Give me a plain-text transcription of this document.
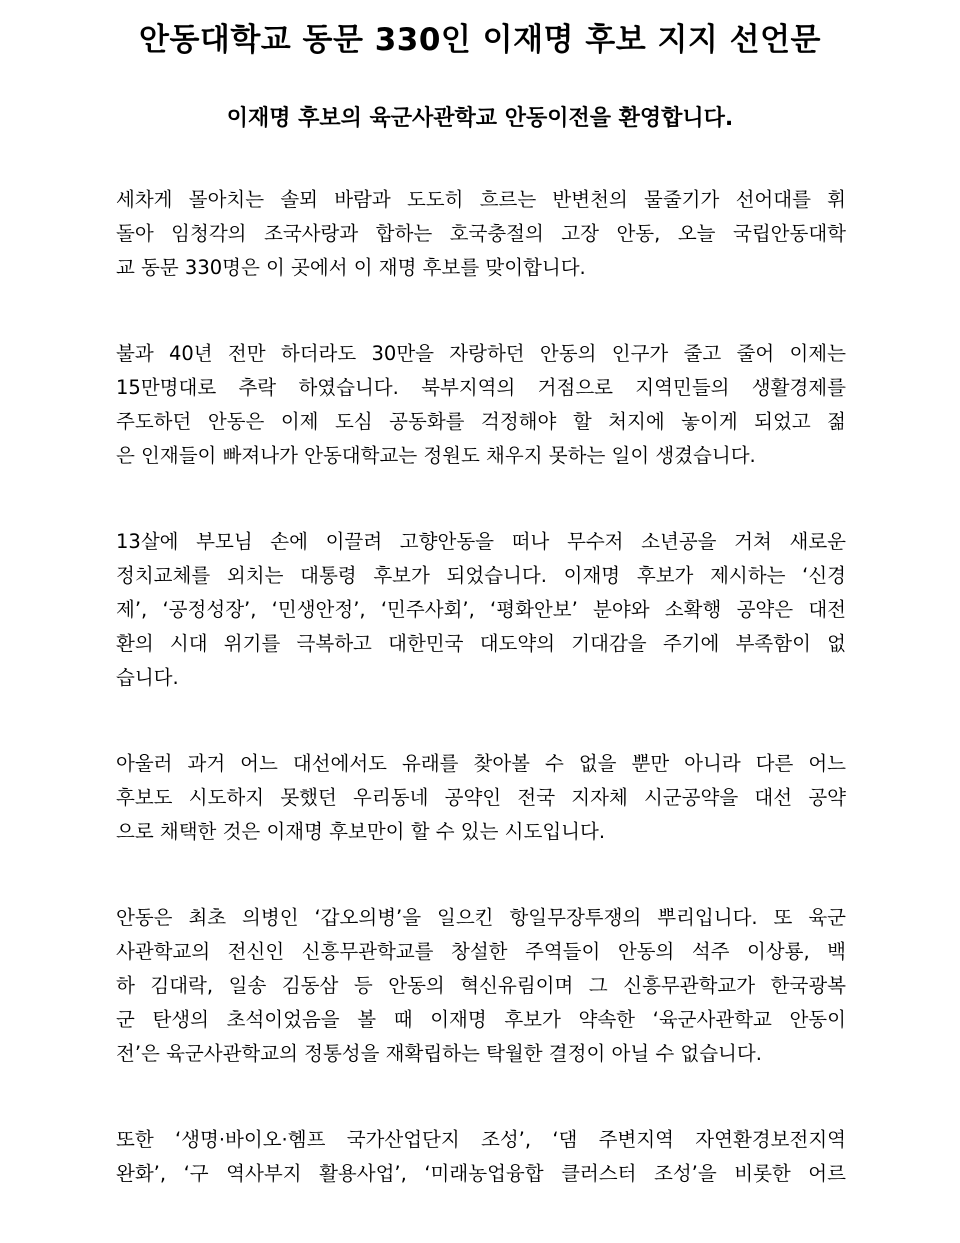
안동대학교 동문 330인 이재명 후보 지지 선언문
이재명 후보의 육군사관학교 안동이전을 환영합니다.
세차게 몰아치는 솔뫼 바람과 도도히 흐르는 반변천의 물줄기가 선어대를 휘
돌아 임청각의 조국사랑과 합하는 호국충절의 고장 안동, 오늘 국립안동대학
교 동문 330명은 이 곳에서 이 재명 후보를 맞이합니다.
불과 40년 전만 하더라도 30만을 자랑하던 안동의 인구가 줄고 줄어 이제는
15만명대로 추락 하였습니다. 북부지역의 거점으로 지역민들의 생활경제를
주도하던 안동은 이제 도심 공동화를 걱정해야 할 처지에 놓이게 되었고 젊
은 인재들이 빠져나가 안동대학교는 정원도 채우지 못하는 일이 생겼습니다.
13살에 부모님 손에 이끌려 고향안동을 떠나 무수저 소년공을 거쳐 새로운
정치교체를 외치는 대통령 후보가 되었습니다. 이재명 후보가 제시하는 ‘신경
제’, ‘공정성장’, ‘민생안정’, ‘민주사회’, ‘평화안보’ 분야와 소확행 공약은 대전
환의 시대 위기를 극복하고 대한민국 대도약의 기대감을 주기에 부족함이 없
습니다.
아울러 과거 어느 대선에서도 유래를 찾아볼 수 없을 뿐만 아니라 다른 어느
후보도 시도하지 못했던 우리동네 공약인 전국 지자체 시군공약을 대선 공약
으로 채택한 것은 이재명 후보만이 할 수 있는 시도입니다.
안동은 최초 의병인 ‘갑오의병’을 일으킨 항일무장투쟁의 뿌리입니다. 또 육군
사관학교의 전신인 신흥무관학교를 창설한 주역들이 안동의 석주 이상룡, 백
하 김대락, 일송 김동삼 등 안동의 혁신유림이며 그 신흥무관학교가 한국광복
군 탄생의 초석이었음을 볼 때 이재명 후보가 약속한 ‘육군사관학교 안동이
전’은 육군사관학교의 정통성을 재확립하는 탁월한 결정이 아닐 수 없습니다.
또한 ‘생명·바이오·헴프 국가산업단지 조성’, ‘댐 주변지역 자연환경보전지역
완화’, ‘구 역사부지 활용사업’, ‘미래농업융합 클러스터 조성’을 비롯한 어르
